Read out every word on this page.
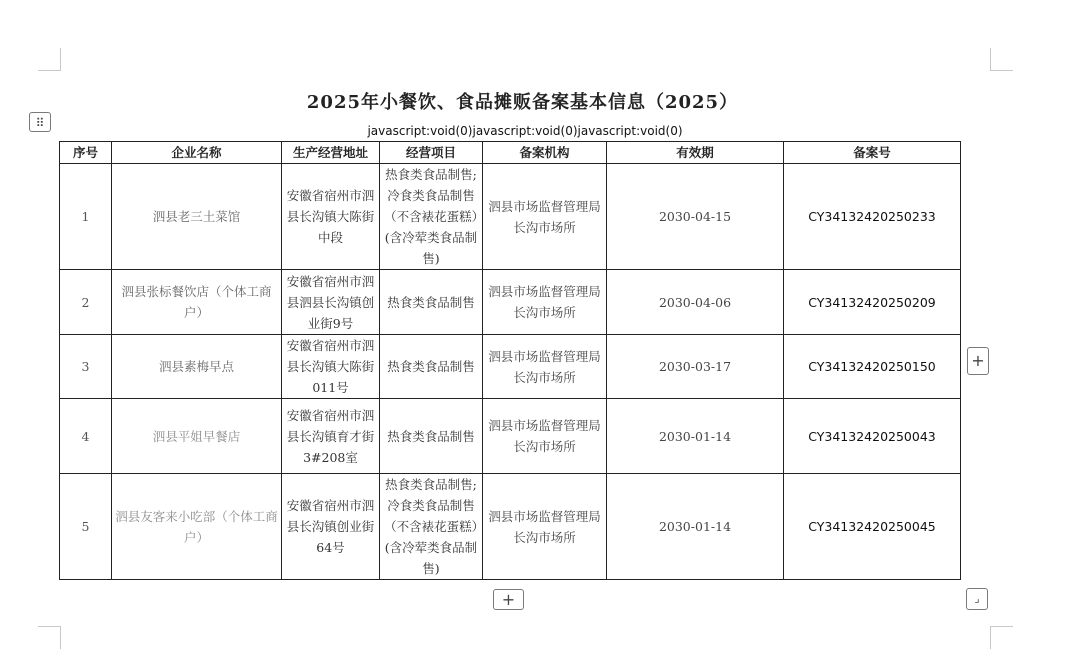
2025年小餐饮、食品摊贩备案基本信息（2025）
javascript:void(0)javascript:void(0)javascript:void(0)
⠿
序号	企业名称	生产经营地址	经营项目	备案机构	有效期	备案号
1	泗县老三土菜馆	安徽省宿州市泗县长沟镇大陈街中段	热食类食品制售;冷食类食品制售（不含裱花蛋糕）(含冷荤类食品制售)	泗县市场监督管理局长沟市场所	2030-04-15	CY34132420250233
2	泗县张标餐饮店（个体工商户）	安徽省宿州市泗县泗县长沟镇创业街9号	热食类食品制售	泗县市场监督管理局长沟市场所	2030-04-06	CY34132420250209
3	泗县素梅早点	安徽省宿州市泗县长沟镇大陈街011号	热食类食品制售	泗县市场监督管理局长沟市场所	2030-03-17	CY34132420250150
4	泗县平姐早餐店	安徽省宿州市泗县长沟镇育才街3#208室	热食类食品制售	泗县市场监督管理局长沟市场所	2030-01-14	CY34132420250043
5	泗县友客来小吃部（个体工商户）	安徽省宿州市泗县长沟镇创业街64号	热食类食品制售;冷食类食品制售（不含裱花蛋糕）(含冷荤类食品制售)	泗县市场监督管理局长沟市场所	2030-01-14	CY34132420250045
+
+	⌟
